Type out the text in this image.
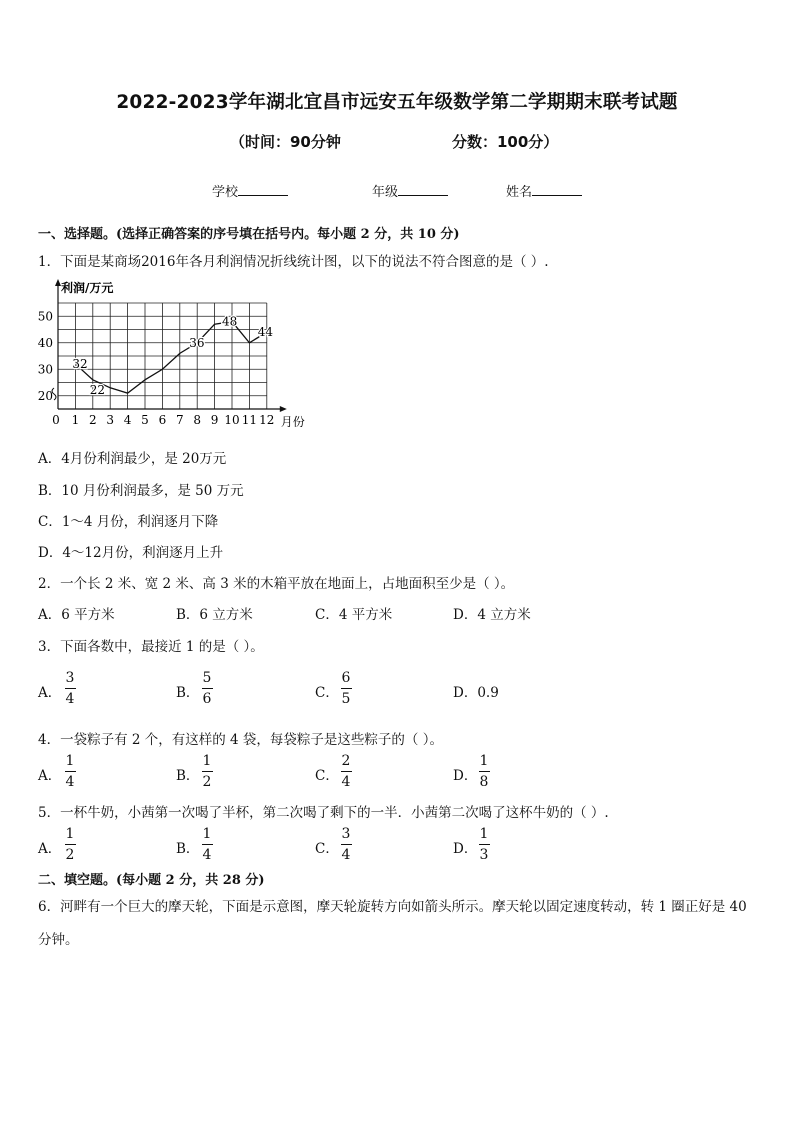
2022-2023学年湖北宜昌市远安五年级数学第二学期期末联考试题
（时间：90分钟	分数：100分）
学校	年级	姓名
一、选择题。(选择正确答案的序号填在括号内。每小题 2 分，共 10 分)
1．下面是某商场2016年各月利润情况折线统计图，以下的说法不符合图意的是（ ）.
20
30
40
50
0 1 2 3 4 5 6 7 8 9 10 11 12
利润/万元
月份
32
22
36
48
44
A．4月份利润最少，是 20万元
B．10 月份利润最多，是 50 万元
C．1～4 月份，利润逐月下降
D．4～12月份，利润逐月上升
2．一个长 2 米、宽 2 米、高 3 米的木箱平放在地面上，占地面积至少是（ ）。
A．6 平方米	B．6 立方米	C．4 平方米	D．4 立方米
3．下面各数中，最接近 1 的是（ ）。
A．
3
4	B．
5
6	C．
6
5	D．0.9
4．一袋粽子有 2 个，有这样的 4 袋，每袋粽子是这些粽子的（ ）。
A．
1
4	B．
1
2	C．
2
4	D．
1
8
5．一杯牛奶，小茜第一次喝了半杯，第二次喝了剩下的一半．小茜第二次喝了这杯牛奶的（ ）.
A．
1
2	B．
1
4	C．
3
4	D．
1
3
二、填空题。(每小题 2 分，共 28 分)
6．河畔有一个巨大的摩天轮，下面是示意图，摩天轮旋转方向如箭头所示。摩天轮以固定速度转动，转 1 圈正好是 40
分钟。
